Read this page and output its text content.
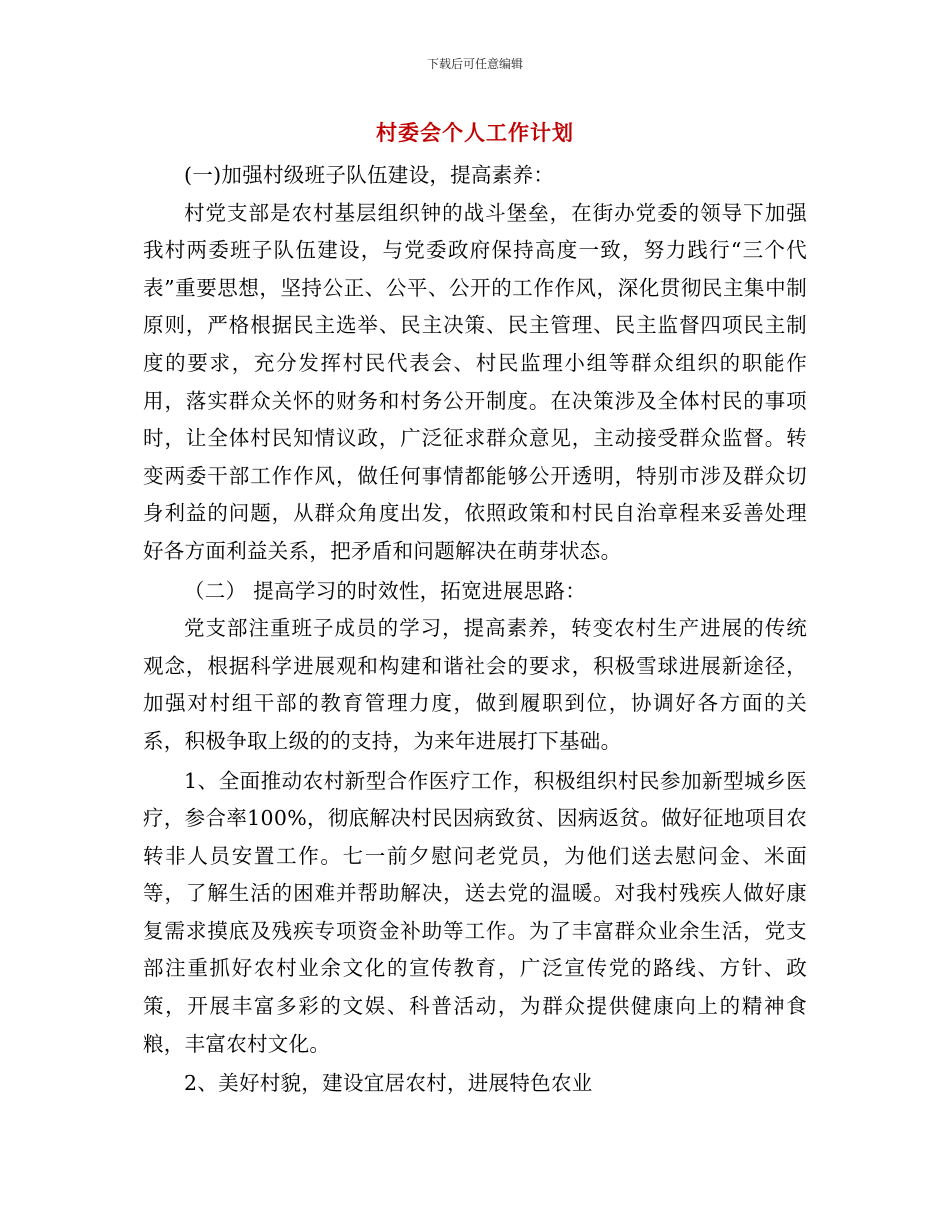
下载后可任意编辑
村委会个人工作计划

(一)加强村级班子队伍建设，提高素养：

村党支部是农村基层组织钟的战斗堡垒，在街办党委的领导下加强我村两委班子队伍建设，与党委政府保持高度一致，努力践行“三个代表”重要思想，坚持公正、公平、公开的工作作风，深化贯彻民主集中制原则，严格根据民主选举、民主决策、民主管理、民主监督四项民主制度的要求，充分发挥村民代表会、村民监理小组等群众组织的职能作用，落实群众关怀的财务和村务公开制度。在决策涉及全体村民的事项时，让全体村民知情议政，广泛征求群众意见，主动接受群众监督。转变两委干部工作作风，做任何事情都能够公开透明，特别市涉及群众切身利益的问题，从群众角度出发，依照政策和村民自治章程来妥善处理好各方面利益关系，把矛盾和问题解决在萌芽状态。

（二） 提高学习的时效性，拓宽进展思路：

党支部注重班子成员的学习，提高素养，转变农村生产进展的传统观念，根据科学进展观和构建和谐社会的要求，积极雪球进展新途径，加强对村组干部的教育管理力度，做到履职到位，协调好各方面的关系，积极争取上级的的支持，为来年进展打下基础。

1、全面推动农村新型合作医疗工作，积极组织村民参加新型城乡医疗，参合率100%，彻底解决村民因病致贫、因病返贫。做好征地项目农转非人员安置工作。七一前夕慰问老党员，为他们送去慰问金、米面等，了解生活的困难并帮助解决，送去党的温暖。对我村残疾人做好康复需求摸底及残疾专项资金补助等工作。为了丰富群众业余生活，党支部注重抓好农村业余文化的宣传教育，广泛宣传党的路线、方针、政策，开展丰富多彩的文娱、科普活动，为群众提供健康向上的精神食粮，丰富农村文化。

2、美好村貌，建设宜居农村，进展特色农业
